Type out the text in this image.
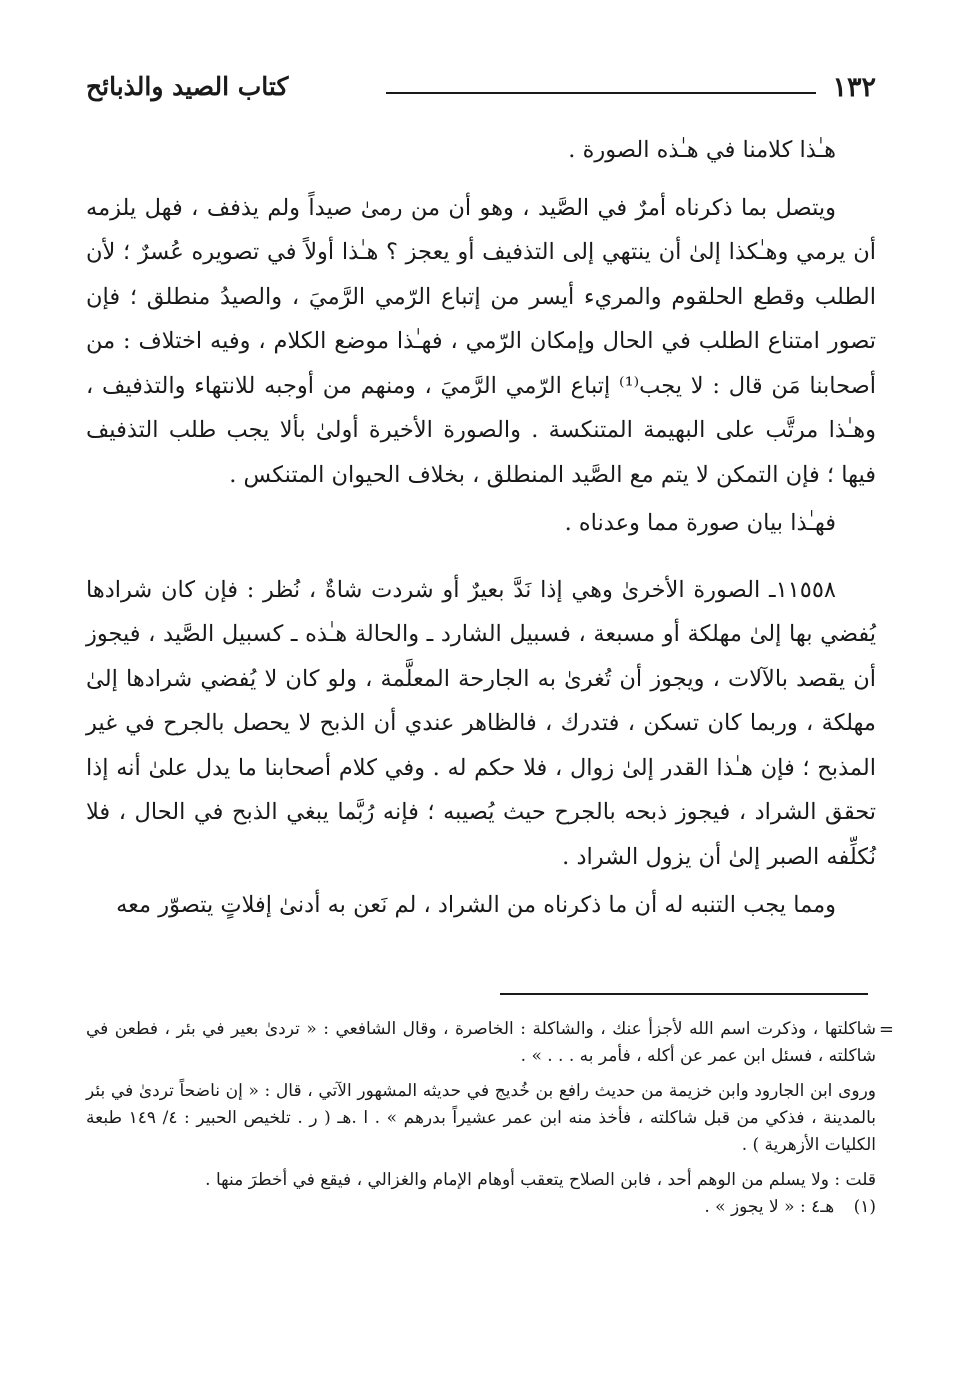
١٣٢
كتاب الصيد والذبائح

هـٰذا كلامنا في هـٰذه الصورة .

ويتصل بما ذكرناه أمرٌ في الصَّيد ، وهو أن من رمىٰ صيداً ولم يذفف ، فهل يلزمه أن يرمي وهـٰكذا إلىٰ أن ينتهي إلى التذفيف أو يعجز ؟ هـٰذا أولاً في تصويره عُسرٌ ؛ لأن الطلب وقطع الحلقوم والمريء أيسر من إتباع الرّمي الرَّميَ ، والصيدُ منطلق ؛ فإن تصور امتناع الطلب في الحال وإمكان الرّمي ، فهـٰذا موضع الكلام ، وفيه اختلاف : من أصحابنا مَن قال : لا يجب⁽¹⁾ إتباع الرّمي الرَّميَ ، ومنهم من أوجبه للانتهاء والتذفيف ، وهـٰذا مرتَّب على البهيمة المتنكسة . والصورة الأخيرة أولىٰ بألا يجب طلب التذفيف فيها ؛ فإن التمكن لا يتم مع الصَّيد المنطلق ، بخلاف الحيوان المتنكس .

فهـٰذا بيان صورة مما وعدناه .

١١٥٥٨ـ الصورة الأخرىٰ وهي إذا نَدَّ بعيرٌ أو شردت شاةٌ ، نُظر : فإن كان شرادها يُفضي بها إلىٰ مهلكة أو مسبعة ، فسبيل الشارد ـ والحالة هـٰذه ـ كسبيل الصَّيد ، فيجوز أن يقصد بالآلات ، ويجوز أن تُغرىٰ به الجارحة المعلَّمة ، ولو كان لا يُفضي شرادها إلىٰ مهلكة ، وربما كان تسكن ، فتدرك ، فالظاهر عندي أن الذبح لا يحصل بالجرح في غير المذبح ؛ فإن هـٰذا القدر إلىٰ زوال ، فلا حكم له . وفي كلام أصحابنا ما يدل علىٰ أنه إذا تحقق الشراد ، فيجوز ذبحه بالجرح حيث يُصيبه ؛ فإنه رُبَّما يبغي الذبح في الحال ، فلا نُكلِّفه الصبر إلىٰ أن يزول الشراد .

ومما يجب التنبه له أن ما ذكرناه من الشراد ، لم نَعن به أدنىٰ إفلاتٍ يتصوّر معه

=
شاكلتها ، وذكرت اسم الله لأجزأ عنك ، والشاكلة : الخاصرة ، وقال الشافعي : « تردىٰ بعير في بئر ، فطعن في شاكلته ، فسئل ابن عمر عن أكله ، فأمر به . . . » .

وروى ابن الجارود وابن خزيمة من حديث رافع بن خُديج في حديثه المشهور الآتي ، قال : « إن ناضحاً تردىٰ في بئر بالمدينة ، فذكي من قبل شاكلته ، فأخذ منه ابن عمر عشيراً بدرهم » . ا .هـ ( ر . تلخيص الحبير : ٤/ ١٤٩ طبعة الكليات الأزهرية ) .

قلت : ولا يسلم من الوهم أحد ، فابن الصلاح يتعقب أوهام الإمام والغزالي ، فيقع في أخطرَ منها .

(١) هـ٤ : « لا يجوز » .
